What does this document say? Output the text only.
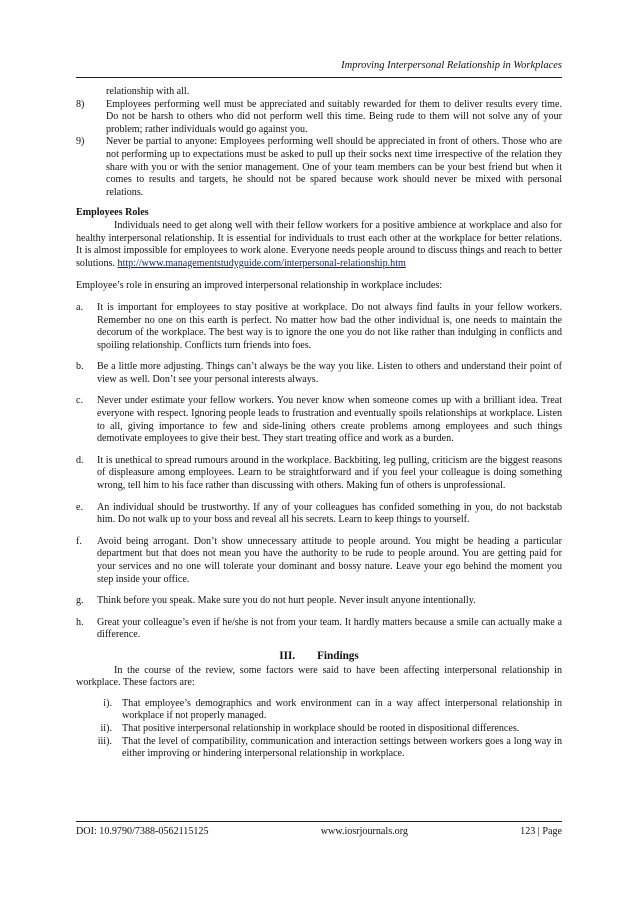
Improving Interpersonal Relationship in Workplaces
relationship with all.
8)	Employees performing well must be appreciated and suitably rewarded for them to deliver results every time. Do not be harsh to others who did not perform well this time. Being rude to them will not solve any of your problem; rather individuals would go against you.
9)	Never be partial to anyone: Employees performing well should be appreciated in front of others. Those who are not performing up to expectations must be asked to pull up their socks next time irrespective of the relation they share with you or with the senior management. One of your team members can be your best friend but when it comes to results and targets, he should not be spared because work should never be mixed with personal relations.
Employees Roles

Individuals need to get along well with their fellow workers for a positive ambience at workplace and also for healthy interpersonal relationship. It is essential for individuals to trust each other at the workplace for better relations. It is almost impossible for employees to work alone. Everyone needs people around to discuss things and reach to better solutions. http://www.managementstudyguide.com/interpersonal-relationship.htm

Employee’s role in ensuring an improved interpersonal relationship in workplace includes:

a.	It is important for employees to stay positive at workplace. Do not always find faults in your fellow workers. Remember no one on this earth is perfect. No matter how bad the other individual is, one needs to maintain the decorum of the workplace. The best way is to ignore the one you do not like rather than indulging in conflicts and spoiling relationship. Conflicts turn friends into foes.
b.	Be a little more adjusting. Things can’t always be the way you like. Listen to others and understand their point of view as well. Don’t see your personal interests always.
c.	Never under estimate your fellow workers. You never know when someone comes up with a brilliant idea. Treat everyone with respect. Ignoring people leads to frustration and eventually spoils relationships at workplace. Listen to all, giving importance to few and side-lining others create problems among employees and such things demotivate employees to give their best. They start treating office and work as a burden.
d.	It is unethical to spread rumours around in the workplace. Backbiting, leg pulling, criticism are the biggest reasons of displeasure among employees. Learn to be straightforward and if you feel your colleague is doing something wrong, tell him to his face rather than discussing with others. Making fun of others is unprofessional.
e.	An individual should be trustworthy. If any of your colleagues has confided something in you, do not backstab him. Do not walk up to your boss and reveal all his secrets. Learn to keep things to yourself.
f.	Avoid being arrogant. Don’t show unnecessary attitude to people around. You might be heading a particular department but that does not mean you have the authority to be rude to people around. You are getting paid for your services and no one will tolerate your dominant and bossy nature. Leave your ego behind the moment you step inside your office.
g.	Think before you speak. Make sure you do not hurt people. Never insult anyone intentionally.
h.	Great your colleague’s even if he/she is not from your team. It hardly matters because a smile can actually make a difference.
III. Findings

In the course of the review, some factors were said to have been affecting interpersonal relationship in workplace. These factors are:

i). That employee’s demographics and work environment can in a way affect interpersonal relationship in workplace if not properly managed.
ii). That positive interpersonal relationship in workplace should be rooted in dispositional differences.
iii). That the level of compatibility, communication and interaction settings between workers goes a long way in either improving or hindering interpersonal relationship in workplace.
DOI: 10.9790/7388-0562115125	www.iosrjournals.org	123 | Page
